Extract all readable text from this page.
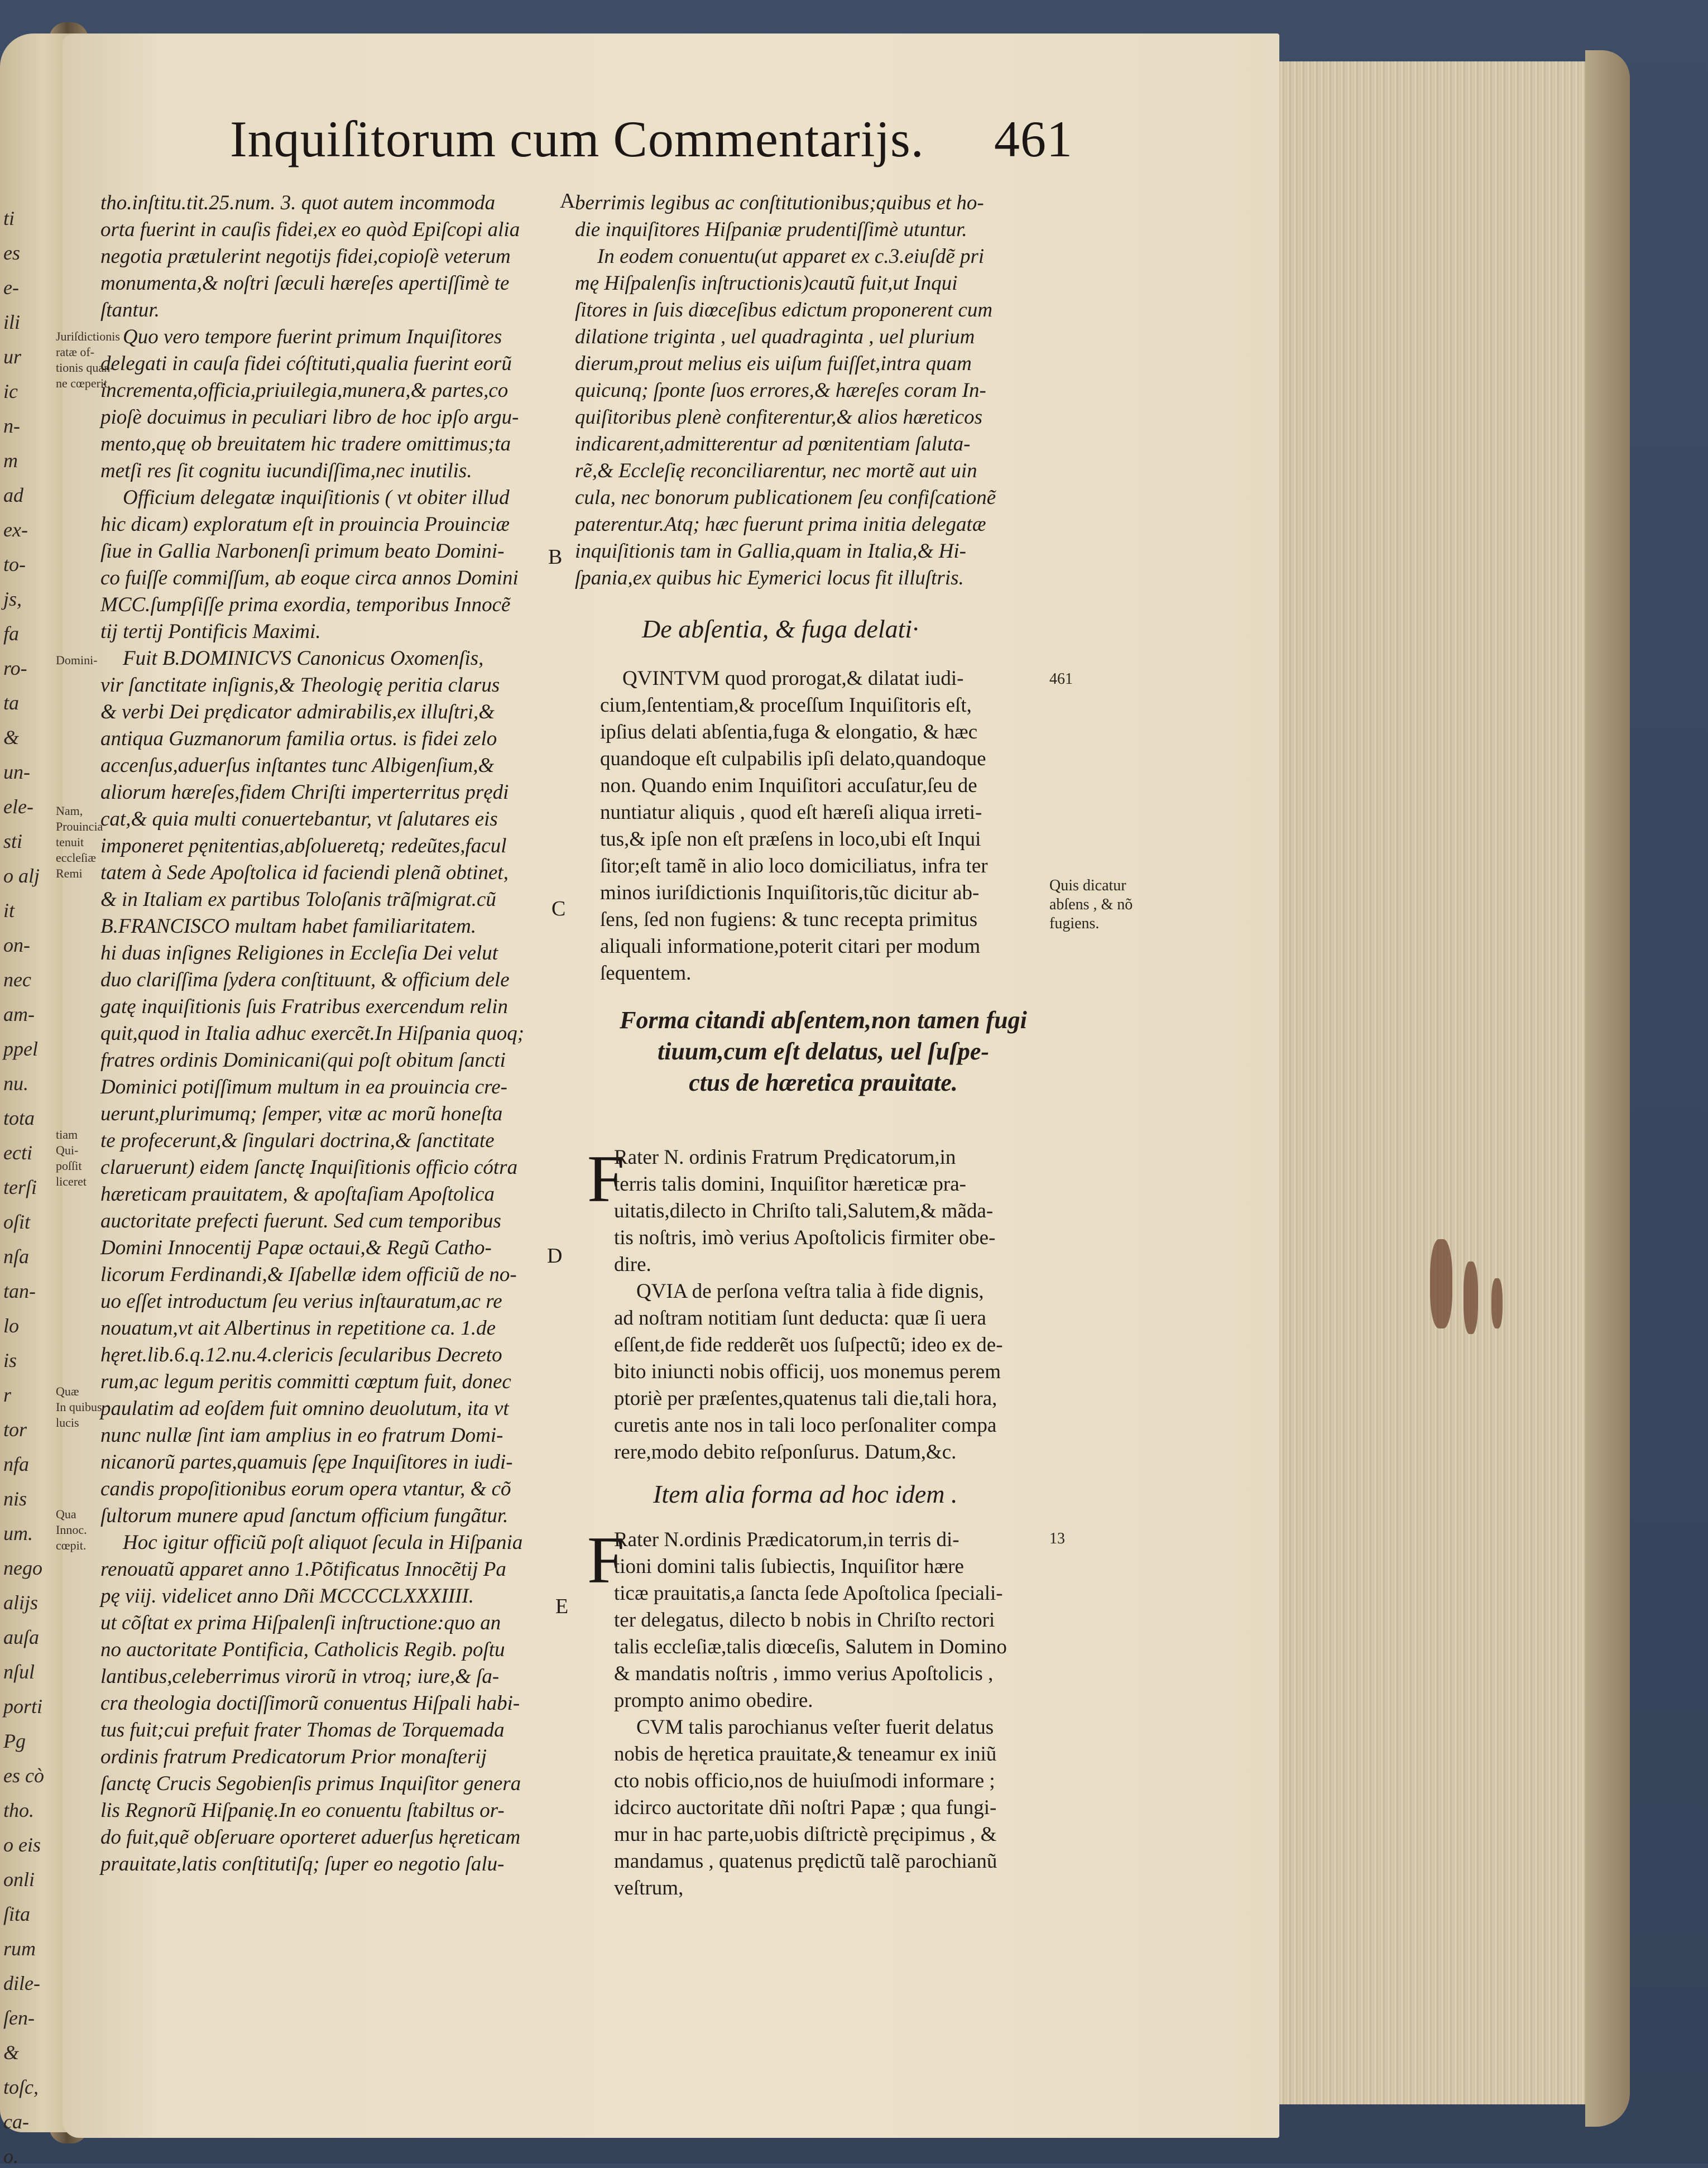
ti
es
e-
ili
ur
ic
n-
m
ad
ex-
to-
js,
fa
ro-
ta
&
un-
ele-
sti
o alj
it
on-
nec
am-
ppel
nu.
tota
ecti
terſi
oſit
nſa
tan-
lo
is
r
tor
nfa
nis
um.
nego
alijs
auſa
nſul
porti
Pg
es cò
tho.
o eis
onli
ſita
rum
dile-
ſen-
&
toſc,
ca-
o.
Inquiſitorum cum Commentarijs. 461
tho.inſtitu.tit.25.num. 3. quot autem incommoda
orta fuerint in cauſis fidei,ex eo quòd Epiſcopi alia
negotia prætulerint negotijs fidei,copioſè veterum
monumenta,& noſtri ſæculi hæreſes apertiſſimè te
ſtantur.
Quo vero tempore fuerint primum Inquiſitores
delegati in cauſa fidei cóſtituti,qualia fuerint eorũ
incrementa,officia,priuilegia,munera,& partes,co
pioſè docuimus in peculiari libro de hoc ipſo argu-
mento,quę ob breuitatem hic tradere omittimus;ta
metſi res ſit cognitu iucundiſſima,nec inutilis.
Officium delegatæ inquiſitionis ( vt obiter illud
hic dicam) exploratum eſt in prouincia Prouinciæ
ſiue in Gallia Narbonenſi primum beato Domini-
co fuiſſe commiſſum, ab eoque circa annos Domini
MCC.ſumpſiſſe prima exordia, temporibus Innocẽ
tij tertij Pontificis Maximi.
Fuit B.DOMINICVS Canonicus Oxomenſis,
vir ſanctitate inſignis,& Theologię peritia clarus
& verbi Dei prędicator admirabilis,ex illuſtri,&
antiqua Guzmanorum familia ortus. is fidei zelo
accenſus,aduerſus inſtantes tunc Albigenſium,&
aliorum hæreſes,fidem Chriſti imperterritus prędi
cat,& quia multi conuertebantur, vt ſalutares eis
imponeret pęnitentias,abſolueretq; redeũtes,facul
tatem à Sede Apoſtolica id faciendi plenã obtinet,
& in Italiam ex partibus Toloſanis trãſmigrat.cũ
B.FRANCISCO multam habet familiaritatem.
hi duas inſignes Religiones in Eccleſia Dei velut
duo clariſſima ſydera conſtituunt, & officium dele
gatę inquiſitionis ſuis Fratribus exercendum relin
quit,quod in Italia adhuc exercẽt.In Hiſpania quoq;
fratres ordinis Dominicani(qui poſt obitum ſancti
Dominici potiſſimum multum in ea prouincia cre-
uerunt,plurimumq; ſemper, vitæ ac morũ honeſta
te profecerunt,& ſingulari doctrina,& ſanctitate
claruerunt) eidem ſanctę Inquiſitionis officio cótra
hæreticam prauitatem, & apoſtaſiam Apoſtolica
auctoritate prefecti fuerunt. Sed cum temporibus
Domini Innocentij Papæ octaui,& Regũ Catho-
licorum Ferdinandi,& Iſabellæ idem officiũ de no-
uo eſſet introductum ſeu verius inſtauratum,ac re
nouatum,vt ait Albertinus in repetitione ca. 1.de
hęret.lib.6.q.12.nu.4.clericis ſecularibus Decreto
rum,ac legum peritis committi cœptum fuit, donec
paulatim ad eoſdem fuit omnino deuolutum, ita vt
nunc nullæ ſint iam amplius in eo fratrum Domi-
nicanorũ partes,quamuis ſępe Inquiſitores in iudi-
candis propoſitionibus eorum opera vtantur, & cõ
ſultorum munere apud ſanctum officium fungãtur.
Hoc igitur officiũ poſt aliquot ſecula in Hiſpania
renouatũ apparet anno 1.Põtificatus Innocẽtij Pa
pę viij. videlicet anno Dñi MCCCCLXXXIIII.
ut cõſtat ex prima Hiſpalenſi inſtructione:quo an
no auctoritate Pontificia, Catholicis Regib. poſtu
lantibus,celeberrimus virorũ in vtroq; iure,& ſa-
cra theologia doctiſſimorũ conuentus Hiſpali habi-
tus fuit;cui prefuit frater Thomas de Torquemada
ordinis fratrum Predicatorum Prior monaſterij
ſanctę Crucis Segobienſis primus Inquiſitor genera
lis Regnorũ Hiſpanię.In eo conuentu ſtabiltus or-
do fuit,quẽ obſeruare oporteret aduerſus hęreticam
prauitate,latis conſtitutiſq; ſuper eo negotio ſalu-
Juriſdictionis
ratæ of-
tionis quan-
ne cœperit.
Domini-
Nam,
Prouincia
tenuit
eccleſiæ
Remi
tiam
Qui-
poſſit
liceret
Quæ
In quibus
lucis
Qua
Innoc.
cœpit.
berrimis legibus ac conſtitutionibus;quibus et ho-
die inquiſitores Hiſpaniæ prudentiſſimè utuntur.
In eodem conuentu(ut apparet ex c.3.eiuſdẽ pri
mę Hiſpalenſis inſtructionis)cautũ fuit,ut Inqui
ſitores in ſuis diœceſibus edictum proponerent cum
dilatione triginta , uel quadraginta , uel plurium
dierum,prout melius eis uiſum fuiſſet,intra quam
quicunq; ſponte ſuos errores,& hæreſes coram In-
quiſitoribus plenè confiterentur,& alios hæreticos
indicarent,admitterentur ad pœnitentiam ſaluta-
rẽ,& Eccleſię reconciliarentur, nec mortẽ aut uin
cula, nec bonorum publicationem ſeu confiſcationẽ
paterentur.Atq; hæc fuerunt prima initia delegatæ
inquiſitionis tam in Gallia,quam in Italia,& Hi-
ſpania,ex quibus hic Eymerici locus fit illuſtris.
De abſentia, & fuga delati·
QVINTVM quod prorogat,& dilatat iudi-
cium,ſententiam,& proceſſum Inquiſitoris eſt,
ipſius delati abſentia,fuga & elongatio, & hæc
quandoque eſt culpabilis ipſi delato,quandoque
non. Quando enim Inquiſitori accuſatur,ſeu de
nuntiatur aliquis , quod eſt hæreſi aliqua irreti-
tus,& ipſe non eſt præſens in loco,ubi eſt Inqui
ſitor;eſt tamẽ in alio loco domiciliatus, infra ter
minos iuriſdictionis Inquiſitoris,tũc dicitur ab-
ſens, ſed non fugiens: & tunc recepta primitus
aliquali informatione,poterit citari per modum
ſequentem.
Forma citandi abſentem,non tamen fugi
tiuum,cum eſt delatus, uel ſuſpe-
ctus de hæretica prauitate.
F
Rater N. ordinis Fratrum Prędicatorum,in
terris talis domini, Inquiſitor hæreticæ pra-
uitatis,dilecto in Chriſto tali,Salutem,& mãda-
tis noſtris, imò verius Apoſtolicis firmiter obe-
dire.
QVIA de perſona veſtra talia à fide dignis,
ad noſtram notitiam ſunt deducta: quæ ſi uera
eſſent,de fide redderẽt uos ſuſpectũ; ideo ex de-
bito iniuncti nobis officij, uos monemus perem
ptoriè per præſentes,quatenus tali die,tali hora,
curetis ante nos in tali loco perſonaliter compa
rere,modo debito reſponſurus. Datum,&c.
Item alia forma ad hoc idem .
F
Rater N.ordinis Prædicatorum,in terris di-
tioni domini talis ſubiectis, Inquiſitor hære
ticæ prauitatis,a ſancta ſede Apoſtolica ſpeciali-
ter delegatus, dilecto b nobis in Chriſto rectori
talis eccleſiæ,talis diœceſis, Salutem in Domino
& mandatis noſtris , immo verius Apoſtolicis ,
prompto animo obedire.
CVM talis parochianus veſter fuerit delatus
nobis de hęretica prauitate,& teneamur ex iniũ
cto nobis officio,nos de huiuſmodi informare ;
idcirco auctoritate dñi noſtri Papæ ; qua fungi-
mur in hac parte,uobis diſtrictè pręcipimus , &
mandamus , quatenus prędictũ talẽ parochianũ
veſtrum,
A
B
C
D
E
461
Quis dicatur
abſens , & nõ
fugiens.
13
